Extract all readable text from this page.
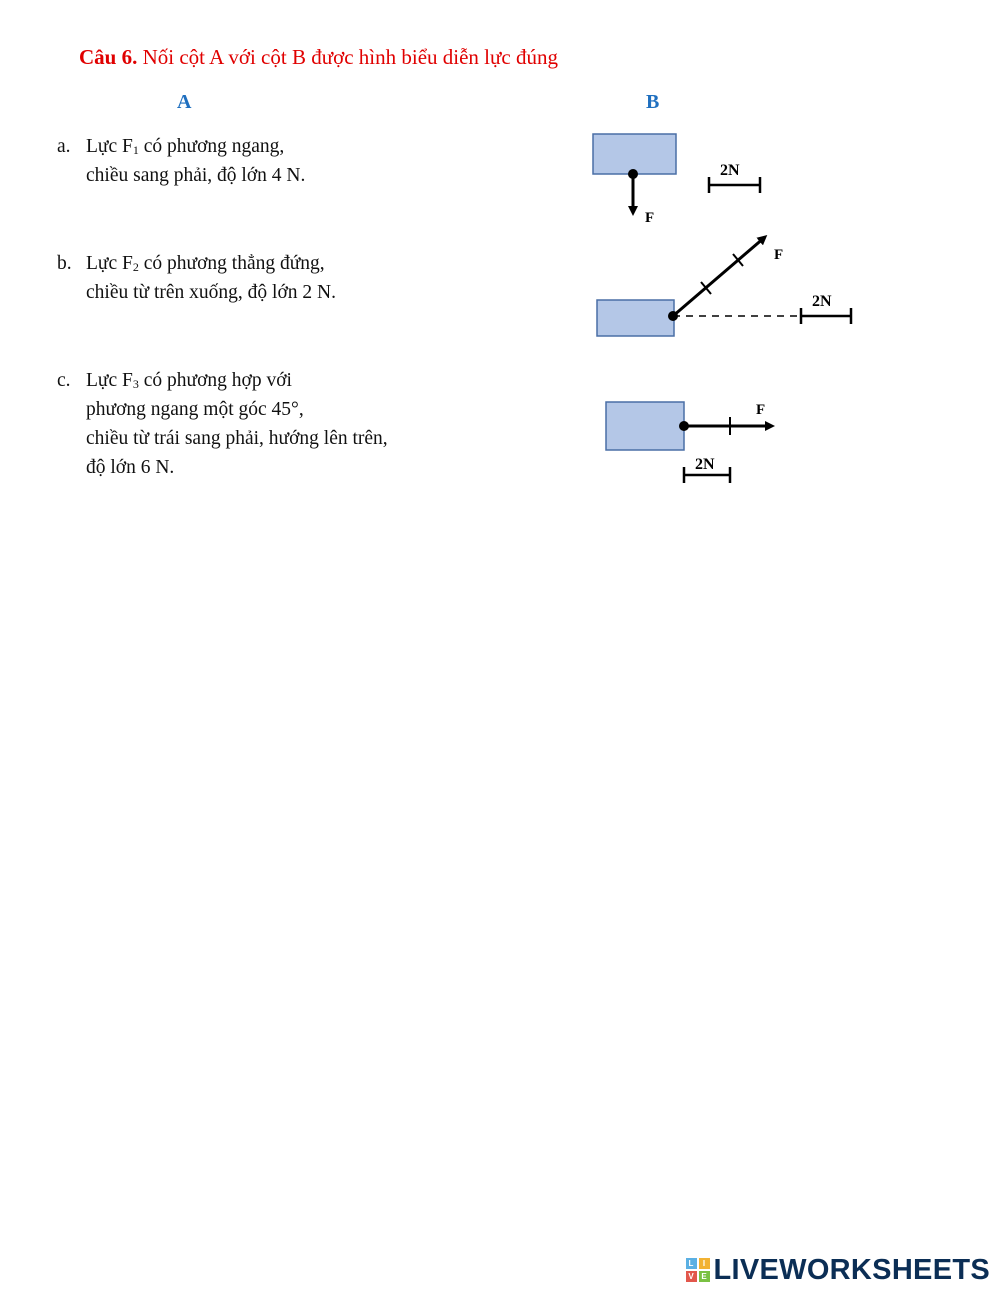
Câu 6. Nối cột A với cột B được hình biểu diễn lực đúng
A	B
a. Lực $F_1$ có phương ngang,
chiều sang phải, độ lớn 4 N.
b. Lực $F_2$ có phương thẳng đứng,
chiều từ trên xuống, độ lớn 2 N.
c. Lực $F_3$ có phương hợp với
phương ngang một góc 45°,
chiều từ trái sang phải, hướng lên trên,
độ lớn 6 N.
F
2N
F
2N
F
2N
L	I
V E LIVEWORKSHEETS
